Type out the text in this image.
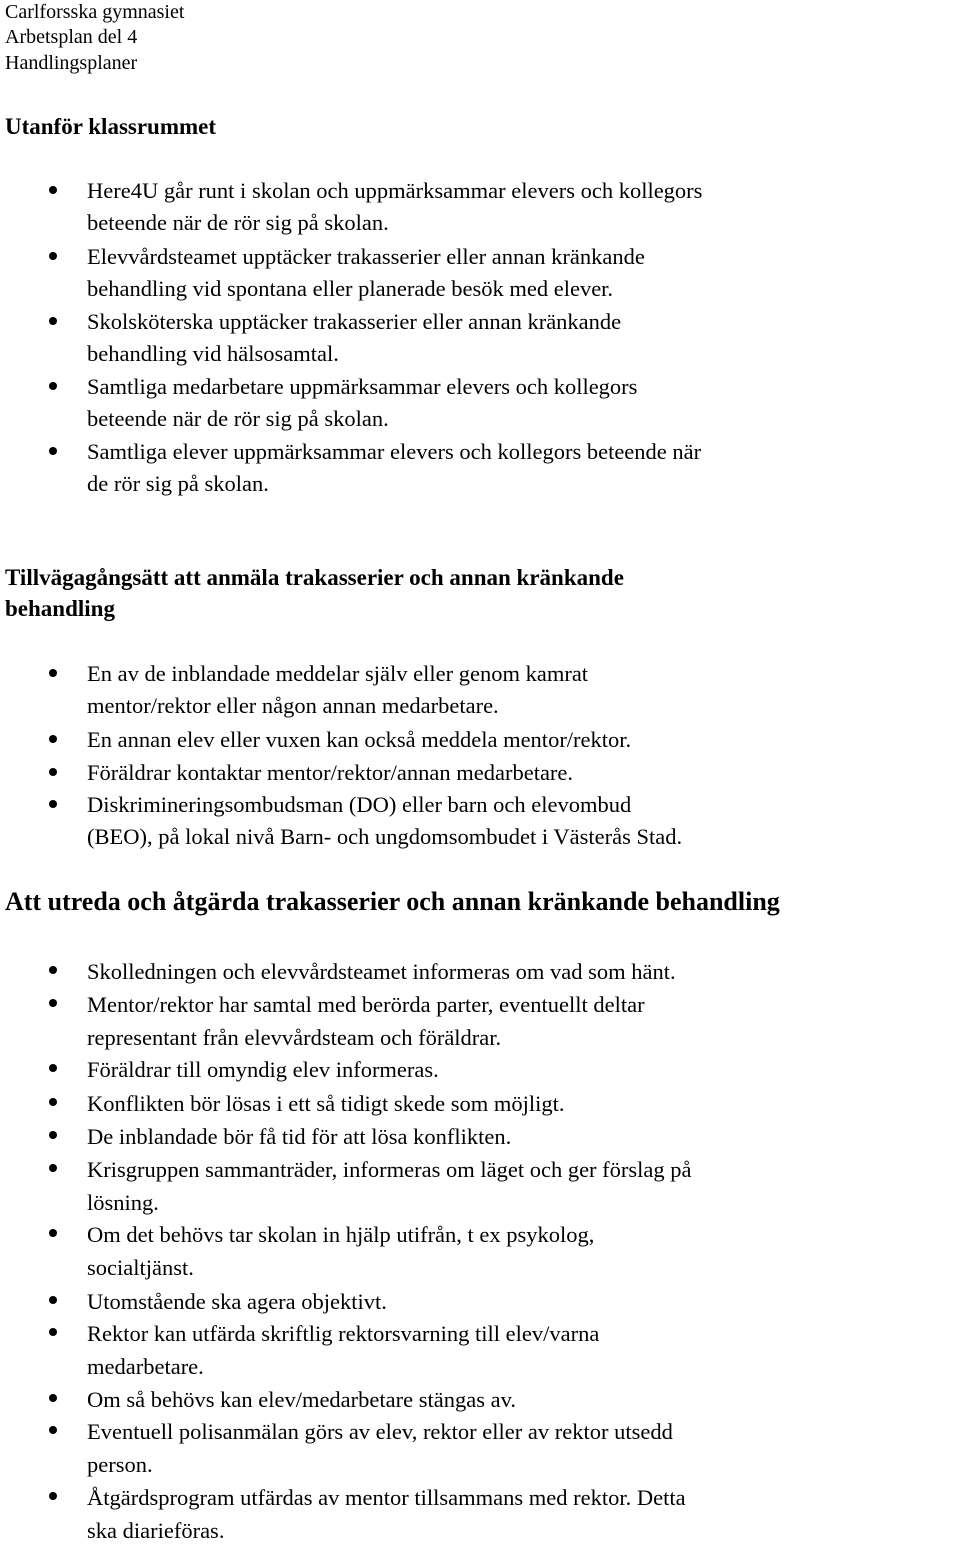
Carlforsska gymnasiet
Arbetsplan del 4
Handlingsplaner
Utanför klassrummet
Here4U går runt i skolan och uppmärksammar elevers och kollegors
beteende när de rör sig på skolan.
Elevvårdsteamet upptäcker trakasserier eller annan kränkande
behandling vid spontana eller planerade besök med elever.
Skolsköterska upptäcker trakasserier eller annan kränkande
behandling vid hälsosamtal.
Samtliga medarbetare uppmärksammar elevers och kollegors
beteende när de rör sig på skolan.
Samtliga elever uppmärksammar elevers och kollegors beteende när
de rör sig på skolan.
Tillvägagångsätt att anmäla trakasserier och annan kränkande
behandling
En av de inblandade meddelar själv eller genom kamrat
mentor/rektor eller någon annan medarbetare.
En annan elev eller vuxen kan också meddela mentor/rektor.
Föräldrar kontaktar mentor/rektor/annan medarbetare.
Diskrimineringsombudsman (DO) eller barn och elevombud
(BEO), på lokal nivå Barn- och ungdomsombudet i Västerås Stad.
Att utreda och åtgärda trakasserier och annan kränkande behandling
Skolledningen och elevvårdsteamet informeras om vad som hänt.
Mentor/rektor har samtal med berörda parter, eventuellt deltar
representant från elevvårdsteam och föräldrar.
Föräldrar till omyndig elev informeras.
Konflikten bör lösas i ett så tidigt skede som möjligt.
De inblandade bör få tid för att lösa konflikten.
Krisgruppen sammanträder, informeras om läget och ger förslag på
lösning.
Om det behövs tar skolan in hjälp utifrån, t ex psykolog,
socialtjänst.
Utomstående ska agera objektivt.
Rektor kan utfärda skriftlig rektorsvarning till elev/varna
medarbetare.
Om så behövs kan elev/medarbetare stängas av.
Eventuell polisanmälan görs av elev, rektor eller av rektor utsedd
person.
Åtgärdsprogram utfärdas av mentor tillsammans med rektor. Detta
ska diarieföras.
